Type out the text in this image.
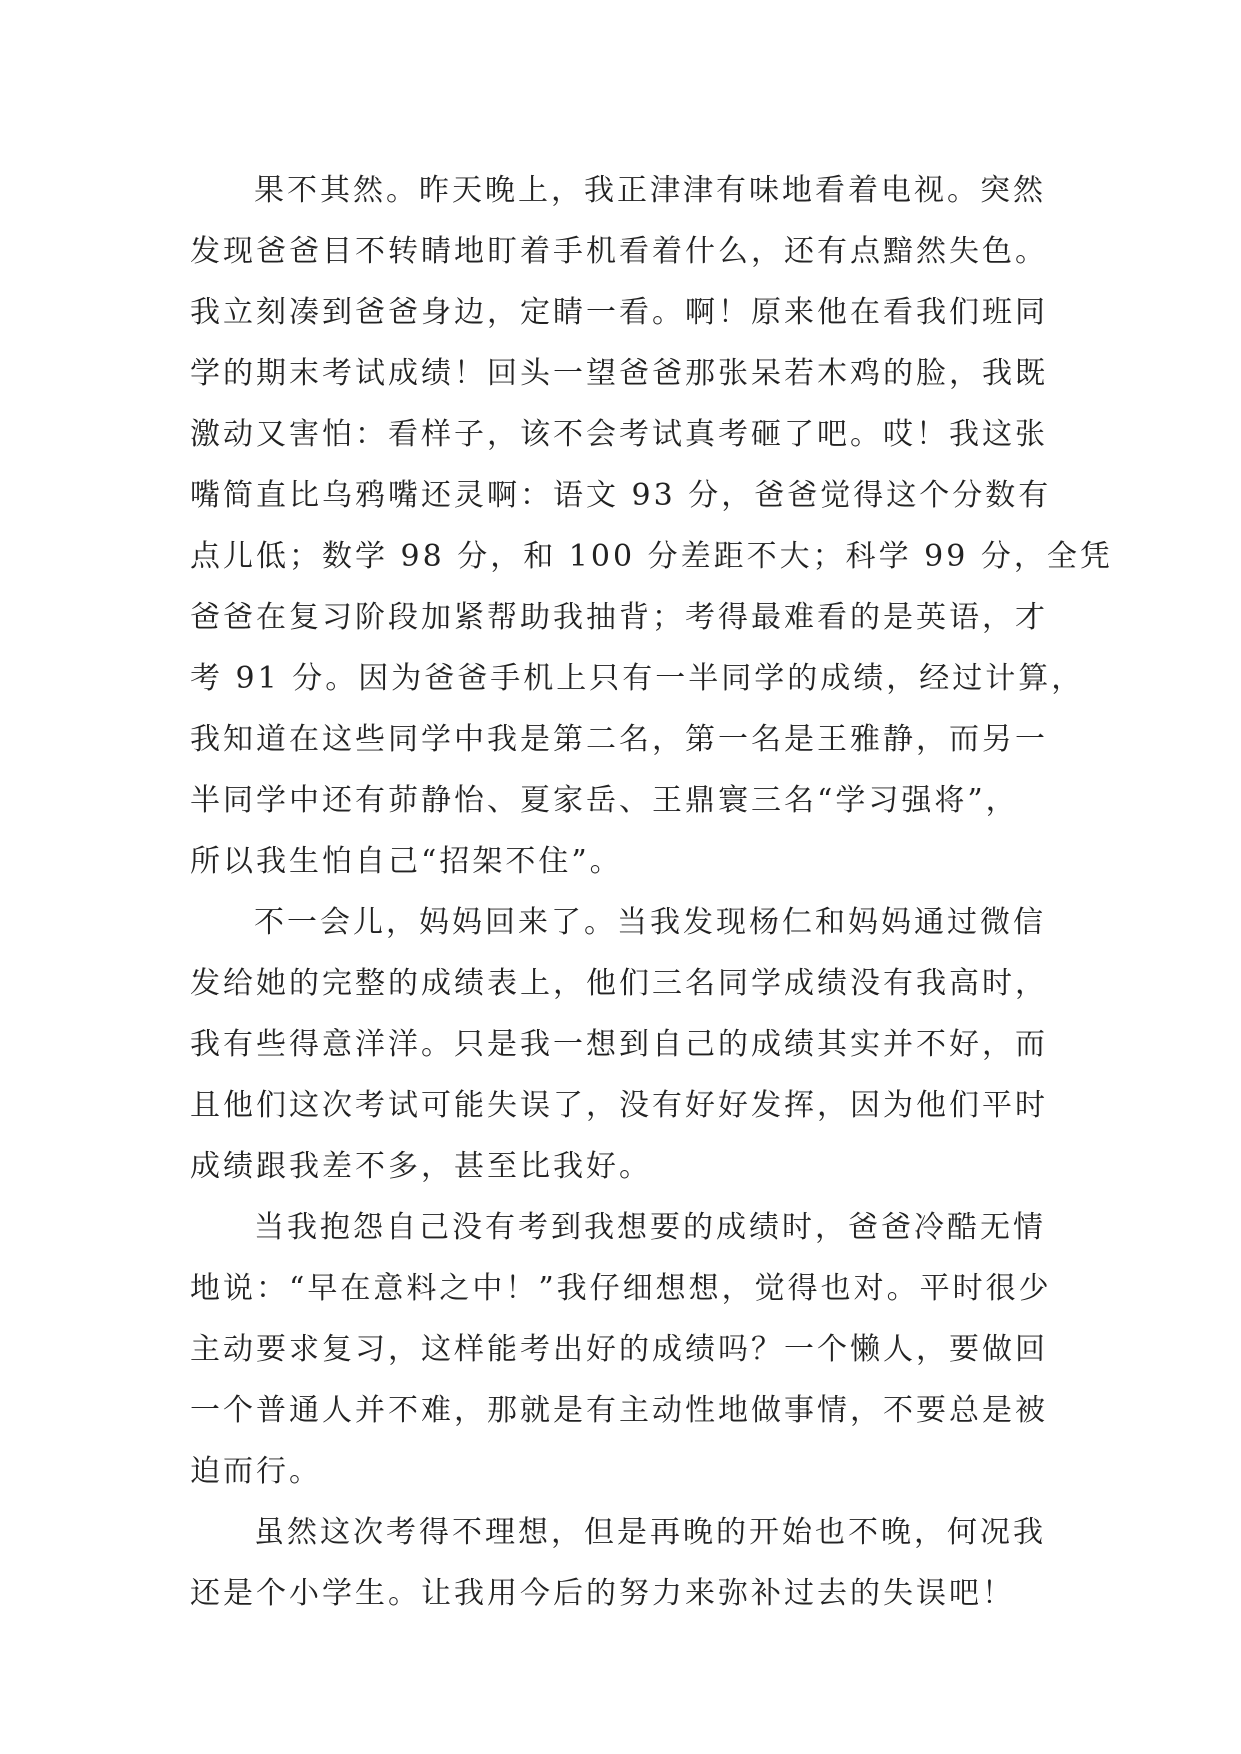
果不其然。昨天晚上，我正津津有味地看着电视。突然
发现爸爸目不转睛地盯着手机看着什么，还有点黯然失色。
我立刻凑到爸爸身边，定睛一看。啊！原来他在看我们班同
学的期末考试成绩！回头一望爸爸那张呆若木鸡的脸，我既
激动又害怕：看样子，该不会考试真考砸了吧。哎！我这张
嘴简直比乌鸦嘴还灵啊：语文 93 分，爸爸觉得这个分数有
点儿低；数学 98 分，和 100 分差距不大；科学 99 分，全凭
爸爸在复习阶段加紧帮助我抽背；考得最难看的是英语，才
考 91 分。因为爸爸手机上只有一半同学的成绩，经过计算，
我知道在这些同学中我是第二名，第一名是王雅静，而另一
半同学中还有茆静怡、夏家岳、王鼎寰三名“学习强将”，
所以我生怕自己“招架不住”。
不一会儿，妈妈回来了。当我发现杨仁和妈妈通过微信
发给她的完整的成绩表上，他们三名同学成绩没有我高时，
我有些得意洋洋。只是我一想到自己的成绩其实并不好，而
且他们这次考试可能失误了，没有好好发挥，因为他们平时
成绩跟我差不多，甚至比我好。
当我抱怨自己没有考到我想要的成绩时，爸爸冷酷无情
地说：“早在意料之中！”我仔细想想，觉得也对。平时很少
主动要求复习，这样能考出好的成绩吗？一个懒人，要做回
一个普通人并不难，那就是有主动性地做事情，不要总是被
迫而行。
虽然这次考得不理想，但是再晚的开始也不晚，何况我
还是个小学生。让我用今后的努力来弥补过去的失误吧！
